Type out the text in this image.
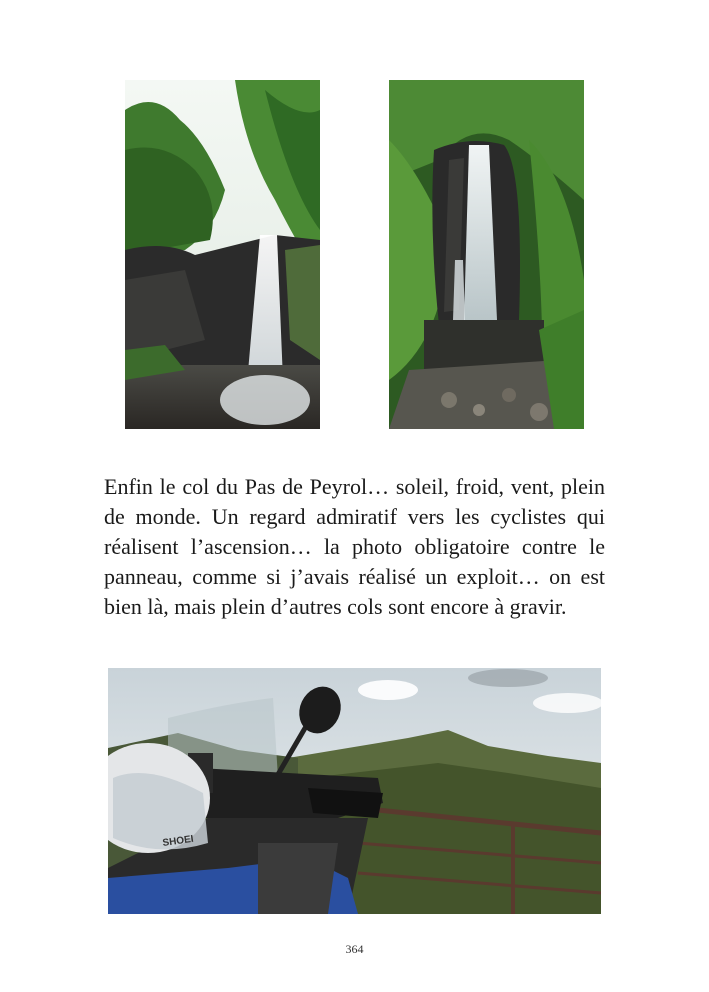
Enfin le col du Pas de Peyrol… soleil, froid, vent, plein de monde. Un regard admiratif vers les cyclistes qui réalisent l’ascension… la photo obligatoire contre le panneau, comme si j’avais réalisé un exploit… on est bien là, mais plein d’autres cols sont encore à gravir.

SHOEI
364
